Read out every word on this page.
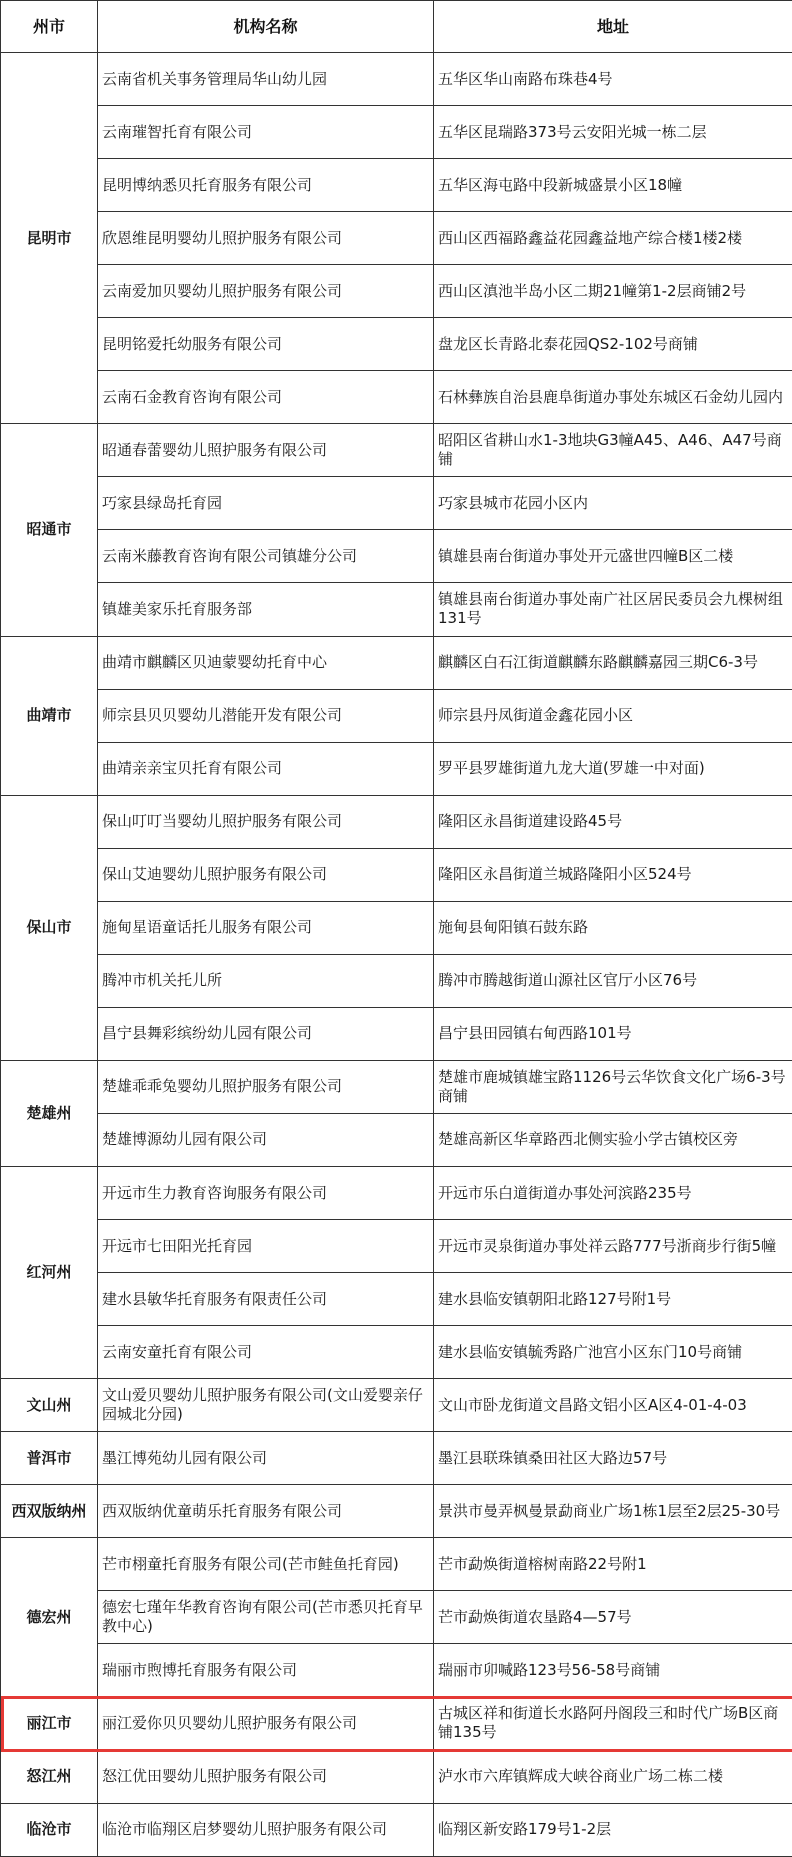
州市	机构名称	地址
昆明市	云南省机关事务管理局华山幼儿园	五华区华山南路布珠巷4号
	云南璀智托育有限公司	五华区昆瑞路373号云安阳光城一栋二层
	昆明博纳悉贝托育服务有限公司	五华区海屯路中段新城盛景小区18幢
	欣恩维昆明婴幼儿照护服务有限公司	西山区西福路鑫益花园鑫益地产综合楼1楼2楼
	云南爱加贝婴幼儿照护服务有限公司	西山区滇池半岛小区二期21幢第1-2层商铺2号
	昆明铭爱托幼服务有限公司	盘龙区长青路北泰花园QS2-102号商铺
	云南石金教育咨询有限公司	石林彝族自治县鹿阜街道办事处东城区石金幼儿园内
昭通市	昭通春蕾婴幼儿照护服务有限公司	昭阳区省耕山水1-3地块G3幢A45、A46、A47号商铺
	巧家县绿岛托育园	巧家县城市花园小区内
	云南米藤教育咨询有限公司镇雄分公司	镇雄县南台街道办事处开元盛世四幢B区二楼
	镇雄美家乐托育服务部	镇雄县南台街道办事处南广社区居民委员会九棵树组131号
曲靖市	曲靖市麒麟区贝迪蒙婴幼托育中心	麒麟区白石江街道麒麟东路麒麟嘉园三期C6-3号
	师宗县贝贝婴幼儿潜能开发有限公司	师宗县丹凤街道金鑫花园小区
	曲靖亲亲宝贝托育有限公司	罗平县罗雄街道九龙大道(罗雄一中对面)
保山市	保山叮叮当婴幼儿照护服务有限公司	隆阳区永昌街道建设路45号
	保山艾迪婴幼儿照护服务有限公司	隆阳区永昌街道兰城路隆阳小区524号
	施甸星语童话托儿服务有限公司	施甸县甸阳镇石鼓东路
	腾冲市机关托儿所	腾冲市腾越街道山源社区官厅小区76号
	昌宁县舞彩缤纷幼儿园有限公司	昌宁县田园镇右甸西路101号
楚雄州	楚雄乖乖兔婴幼儿照护服务有限公司	楚雄市鹿城镇雄宝路1126号云华饮食文化广场6-3号商铺
	楚雄博源幼儿园有限公司	楚雄高新区华章路西北侧实验小学古镇校区旁
红河州	开远市生力教育咨询服务有限公司	开远市乐白道街道办事处河滨路235号
	开远市七田阳光托育园	开远市灵泉街道办事处祥云路777号浙商步行街5幢
	建水县敏华托育服务有限责任公司	建水县临安镇朝阳北路127号附1号
	云南安童托育有限公司	建水县临安镇毓秀路广池宫小区东门10号商铺
文山州	文山爱贝婴幼儿照护服务有限公司(文山爱婴亲仔园城北分园)	文山市卧龙街道文昌路文铝小区A区4-01-4-03
普洱市	墨江博苑幼儿园有限公司	墨江县联珠镇桑田社区大路边57号
西双版纳州	西双版纳优童萌乐托育服务有限公司	景洪市曼弄枫曼景勐商业广场1栋1层至2层25-30号
德宏州	芒市栩童托育服务有限公司(芒市鲑鱼托育园)	芒市勐焕街道榕树南路22号附1
	德宏七瑾年华教育咨询有限公司(芒市悉贝托育早教中心)	芒市勐焕街道农垦路4—57号
	瑞丽市煦博托育服务有限公司	瑞丽市卯喊路123号56-58号商铺
丽江市	丽江爱你贝贝婴幼儿照护服务有限公司	古城区祥和街道长水路阿丹阁段三和时代广场B区商铺135号
怒江州	怒江优田婴幼儿照护服务有限公司	泸水市六库镇辉成大峡谷商业广场二栋二楼
临沧市	临沧市临翔区启梦婴幼儿照护服务有限公司	临翔区新安路179号1-2层
